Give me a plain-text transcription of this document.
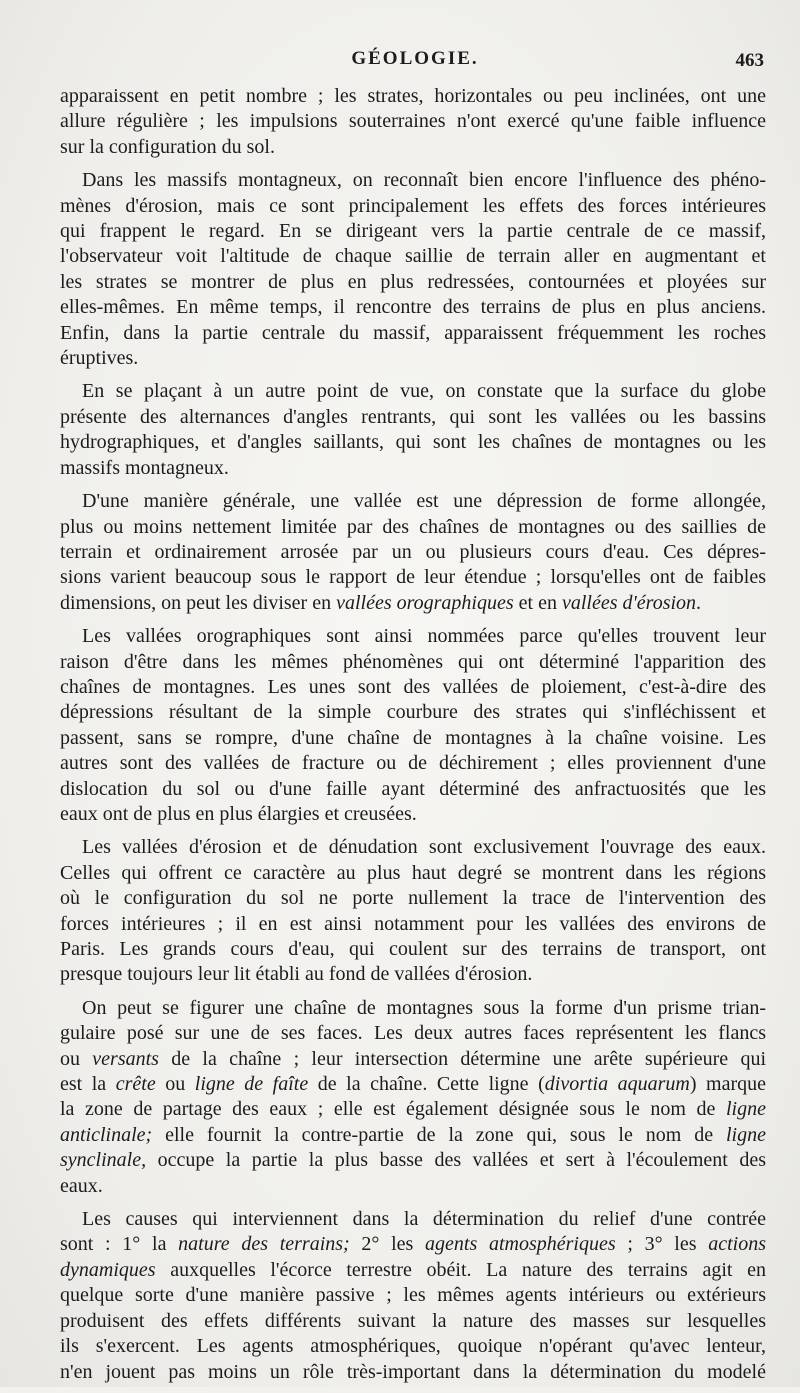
GÉOLOGIE.	463

apparaissent en petit nombre ; les strates, horizontales ou peu inclinées, ont une
allure régulière ; les impulsions souterraines n'ont exercé qu'une faible influence
sur la configuration du sol.

Dans les massifs montagneux, on reconnaît bien encore l'influence des phéno-
mènes d'érosion, mais ce sont principalement les effets des forces intérieures
qui frappent le regard. En se dirigeant vers la partie centrale de ce massif,
l'observateur voit l'altitude de chaque saillie de terrain aller en augmentant et
les strates se montrer de plus en plus redressées, contournées et ployées sur
elles-mêmes. En même temps, il rencontre des terrains de plus en plus anciens.
Enfin, dans la partie centrale du massif, apparaissent fréquemment les roches
éruptives.

En se plaçant à un autre point de vue, on constate que la surface du globe
présente des alternances d'angles rentrants, qui sont les vallées ou les bassins
hydrographiques, et d'angles saillants, qui sont les chaînes de montagnes ou les
massifs montagneux.

D'une manière générale, une vallée est une dépression de forme allongée,
plus ou moins nettement limitée par des chaînes de montagnes ou des saillies de
terrain et ordinairement arrosée par un ou plusieurs cours d'eau. Ces dépres-
sions varient beaucoup sous le rapport de leur étendue ; lorsqu'elles ont de faibles
dimensions, on peut les diviser en vallées orographiques et en vallées d'érosion.

Les vallées orographiques sont ainsi nommées parce qu'elles trouvent leur
raison d'être dans les mêmes phénomènes qui ont déterminé l'apparition des
chaînes de montagnes. Les unes sont des vallées de ploiement, c'est-à-dire des
dépressions résultant de la simple courbure des strates qui s'infléchissent et
passent, sans se rompre, d'une chaîne de montagnes à la chaîne voisine. Les
autres sont des vallées de fracture ou de déchirement ; elles proviennent d'une
dislocation du sol ou d'une faille ayant déterminé des anfractuosités que les
eaux ont de plus en plus élargies et creusées.

Les vallées d'érosion et de dénudation sont exclusivement l'ouvrage des eaux.
Celles qui offrent ce caractère au plus haut degré se montrent dans les régions
où le configuration du sol ne porte nullement la trace de l'intervention des
forces intérieures ; il en est ainsi notamment pour les vallées des environs de
Paris. Les grands cours d'eau, qui coulent sur des terrains de transport, ont
presque toujours leur lit établi au fond de vallées d'érosion.

On peut se figurer une chaîne de montagnes sous la forme d'un prisme trian-
gulaire posé sur une de ses faces. Les deux autres faces représentent les flancs
ou versants de la chaîne ; leur intersection détermine une arête supérieure qui
est la crête ou ligne de faîte de la chaîne. Cette ligne (divortia aquarum) marque
la zone de partage des eaux ; elle est également désignée sous le nom de ligne
anticlinale; elle fournit la contre-partie de la zone qui, sous le nom de ligne
synclinale, occupe la partie la plus basse des vallées et sert à l'écoulement des
eaux.

Les causes qui interviennent dans la détermination du relief d'une contrée
sont : 1° la nature des terrains; 2° les agents atmosphériques ; 3° les actions
dynamiques auxquelles l'écorce terrestre obéit. La nature des terrains agit en
quelque sorte d'une manière passive ; les mêmes agents intérieurs ou extérieurs
produisent des effets différents suivant la nature des masses sur lesquelles
ils s'exercent. Les agents atmosphériques, quoique n'opérant qu'avec lenteur,
n'en jouent pas moins un rôle très-important dans la détermination du modelé
